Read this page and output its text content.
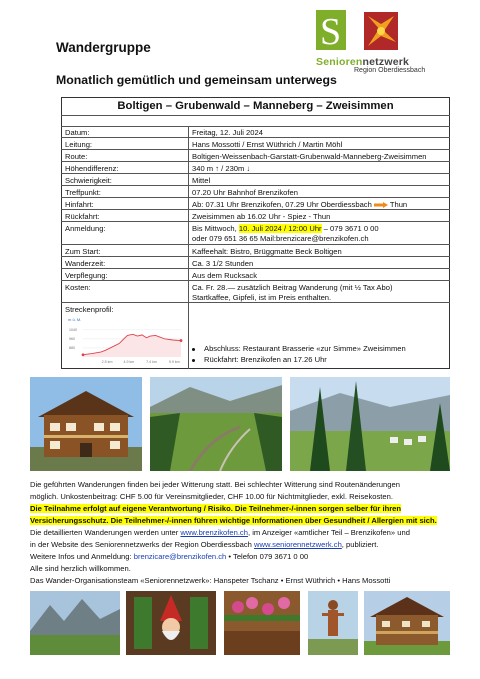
Wandergruppe
Monatlich gemütlich und gemeinsam unterwegs
S
Seniorennetzwerk
Region Oberdiessbach
Boltigen – Grubenwald – Manneberg – Zweisimmen
Datum:	Freitag, 12. Juli 2024
Leitung:	Hans Mossotti / Ernst Wüthrich / Martin Möhl
Route:	Boltigen-Weissenbach-Garstatt-Grubenwald-Manneberg-Zweisimmen
Höhendifferenz:	340 m ↑ / 230m ↓
Schwierigkeit:	Mittel
Treffpunkt:	07.20 Uhr Bahnhof Brenzikofen
Hinfahrt:	Ab: 07.31 Uhr Brenzikofen, 07.29 Uhr Oberdiessbach Thun
Rückfahrt:	Zweisimmen ab 16.02 Uhr - Spiez - Thun
Anmeldung:	Bis Mittwoch, 10. Juli 2024 / 12:00 Uhr – 079 3671 0 00
oder 079 651 36 65 Mail:brenzicare@brenzikofen.ch
Zum Start:	Kaffeehalt: Bistro, Brüggmatte Beck Boltigen
Wanderzeit:	Ca. 3 1/2 Stunden
Verpflegung:	Aus dem Rucksack
Kosten:	Ca. Fr. 28.— zusätzlich Beitrag Wanderung (mit ½ Tax Abo)
Startkaffee, Gipfeli, ist im Preis enthalten.
Streckenprofil:
m ü. M.
1040
960
880
2.5 km	4.9 km	7.4 km	9.9 km
Abschluss: Restaurant Brasserie «zur Simme» Zweisimmen
Rückfahrt: Brenzikofen an 17.26 Uhr
Die geführten Wanderungen finden bei jeder Witterung statt. Bei schlechter Witterung sind Routenänderungen
möglich. Unkostenbeitrag: CHF 5.00 für Vereinsmitglieder, CHF 10.00 für Nichtmitglieder, exkl. Reisekosten.
Die Teilnahme erfolgt auf eigene Verantwortung / Risiko. Die Teilnehmer-/-innen sorgen selber für ihren
Versicherungsschutz. Die Teilnehmer-/-innen führen wichtige Informationen über Gesundheit / Allergien mit sich.
Die detaillierten Wanderungen werden unter www.brenzikofen.ch, im Anzeiger «amtlicher Teil – Brenzikofen» und
in der Website des Seniorennetzwerks der Region Oberdiessbach www.seniorennetzwerk.ch, publiziert.
Weitere Infos und Anmeldung: brenzicare@brenzikofen.ch • Telefon 079 3671 0 00
Alle sind herzlich willkommen.
Das Wander-Organisationsteam «Seniorennetzwerk»: Hanspeter Tschanz • Ernst Wüthrich • Hans Mossotti
